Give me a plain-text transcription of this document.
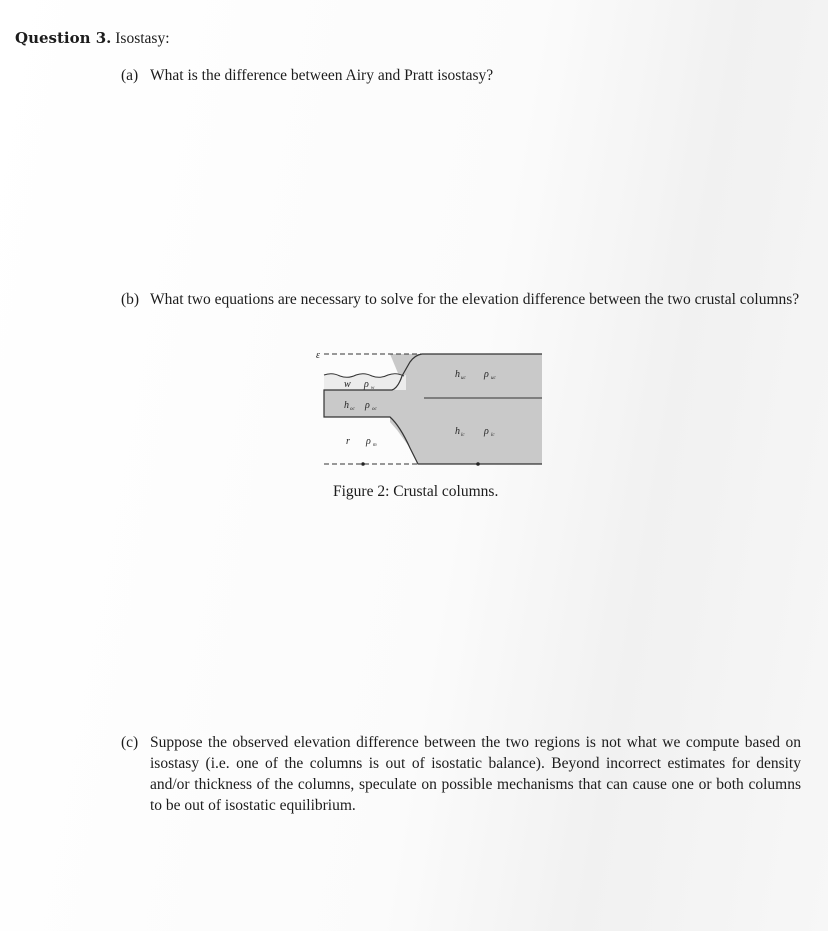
Question 3. Isostasy:
(a) What is the difference between Airy and Pratt isostasy?
(b) What two equations are necessary to solve for the elevation difference between the two crustal columns?
ε
w ρ w
h oc ρ oc
r ρ m
h uc ρ uc
h lc ρ lc
Figure 2: Crustal columns.
(c) Suppose the observed elevation difference between the two regions is not what we compute based on isostasy (i.e. one of the columns is out of isostatic balance). Beyond incorrect estimates for density and/or thickness of the columns, speculate on possible mechanisms that can cause one or both columns to be out of isostatic equilibrium.
